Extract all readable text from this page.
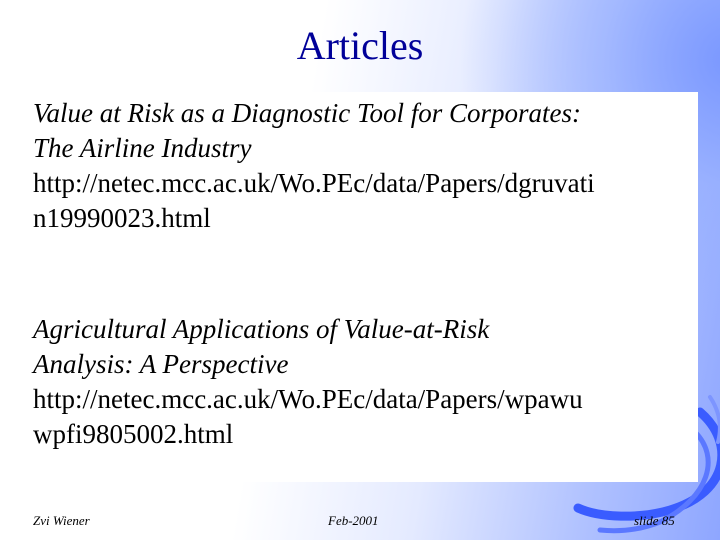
Articles
Value at Risk as a Diagnostic Tool for Corporates:
The Airline Industry
http://netec.mcc.ac.uk/Wo.PEc/data/Papers/dgruvati
n19990023.html
Agricultural Applications of Value-at-Risk
Analysis: A Perspective
http://netec.mcc.ac.uk/Wo.PEc/data/Papers/wpawu
wpfi9805002.html
Zvi Wiener	Feb-2001	slide 85
